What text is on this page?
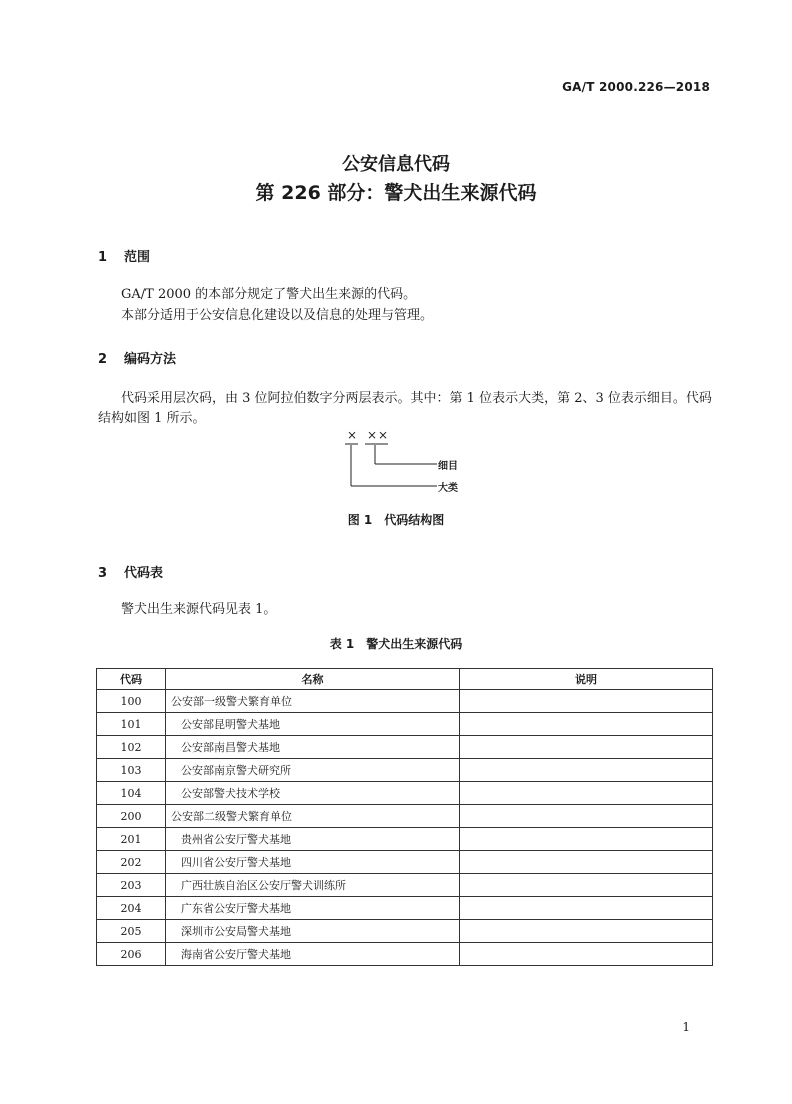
GA/T 2000.226—2018
公安信息代码
第 226 部分：警犬出生来源代码
1 范围
GA/T 2000 的本部分规定了警犬出生来源的代码。
本部分适用于公安信息化建设以及信息的处理与管理。
2 编码方法
代码采用层次码，由 3 位阿拉伯数字分两层表示。其中：第 1 位表示大类，第 2、3 位表示细目。代码结构如图 1 所示。
× ××
细目
大类
图 1　代码结构图
3 代码表
警犬出生来源代码见表 1。
表 1　警犬出生来源代码
代码	名称	说明
100	公安部一级警犬繁育单位	
101	公安部昆明警犬基地	
102	公安部南昌警犬基地	
103	公安部南京警犬研究所	
104	公安部警犬技术学校	
200	公安部二级警犬繁育单位	
201	贵州省公安厅警犬基地	
202	四川省公安厅警犬基地	
203	广西壮族自治区公安厅警犬训练所	
204	广东省公安厅警犬基地	
205	深圳市公安局警犬基地	
206	海南省公安厅警犬基地	
1
